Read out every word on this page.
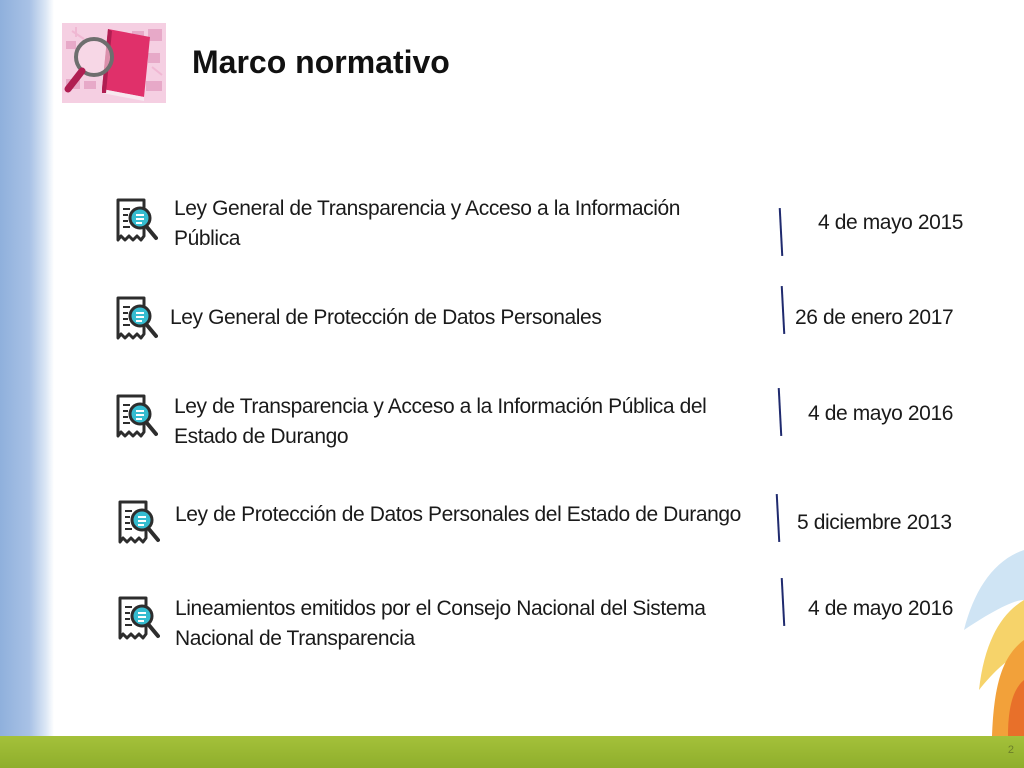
Marco normativo
Ley General de Transparencia y Acceso a la Información
Pública
4 de mayo 2015
Ley General de Protección de Datos Personales	26 de enero 2017
Ley de Transparencia y Acceso a la Información Pública del
Estado de Durango
4 de mayo 2016
Ley de Protección de Datos Personales del Estado de Durango	5 diciembre 2013
Lineamientos emitidos por el Consejo Nacional del Sistema
Nacional de Transparencia
4 de mayo 2016
2
